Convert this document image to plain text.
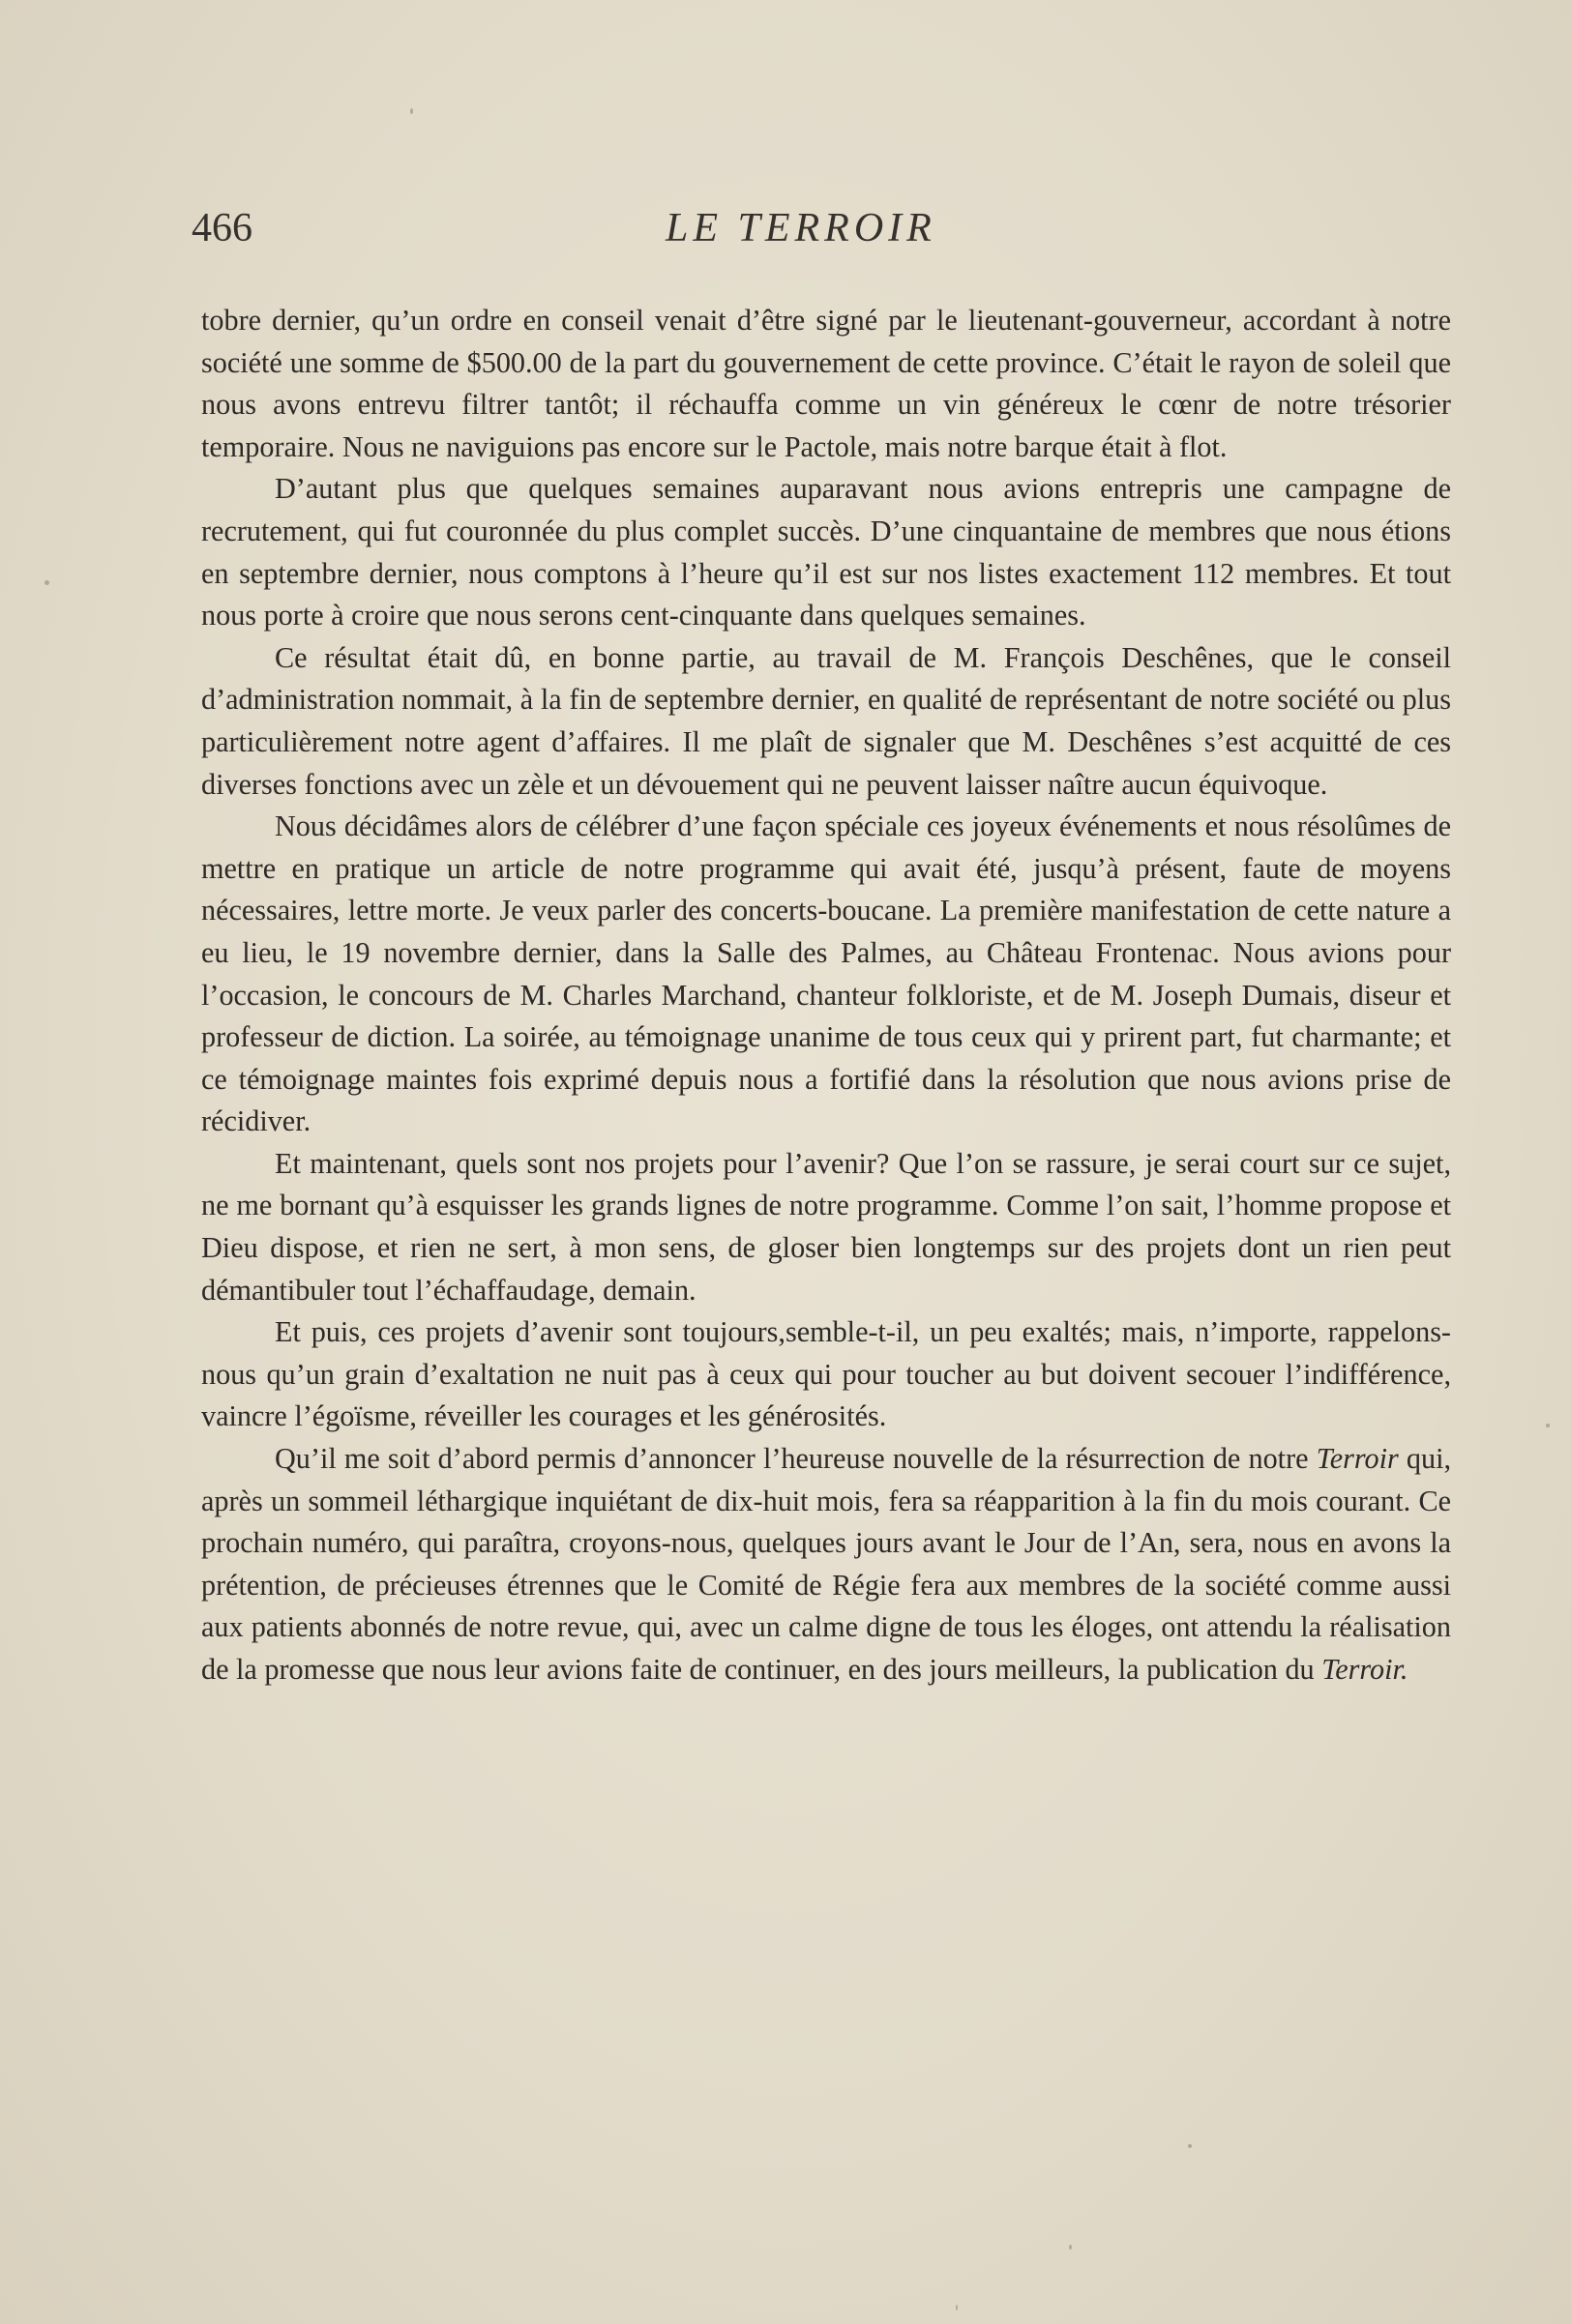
466	LE TERROIR

tobre dernier, qu’un ordre en conseil venait d’être signé par le lieutenant-gouverneur, accordant à notre société une somme de $500.00 de la part du gouvernement de cette province. C’était le rayon de soleil que nous avons entrevu filtrer tantôt; il réchauffa comme un vin généreux le cœnr de notre trésorier temporaire. Nous ne naviguions pas encore sur le Pactole, mais notre barque était à flot.

D’autant plus que quelques semaines auparavant nous avions entrepris une campagne de recrutement, qui fut couronnée du plus complet succès. D’une cinquantaine de membres que nous étions en septembre dernier, nous comptons à l’heure qu’il est sur nos listes exactement 112 membres. Et tout nous porte à croire que nous serons cent-cinquante dans quelques semaines.

Ce résultat était dû, en bonne partie, au travail de M. François Deschênes, que le conseil d’administration nommait, à la fin de septembre dernier, en qualité de représentant de notre société ou plus particulièrement notre agent d’affaires. Il me plaît de signaler que M. Deschênes s’est acquitté de ces diverses fonctions avec un zèle et un dévouement qui ne peuvent laisser naître aucun équivoque.

Nous décidâmes alors de célébrer d’une façon spéciale ces joyeux événements et nous résolûmes de mettre en pratique un article de notre programme qui avait été, jusqu’à présent, faute de moyens nécessaires, lettre morte. Je veux parler des concerts-boucane. La première manifestation de cette nature a eu lieu, le 19 novembre dernier, dans la Salle des Palmes, au Château Frontenac. Nous avions pour l’occasion, le concours de M. Charles Marchand, chanteur folkloriste, et de M. Joseph Dumais, diseur et professeur de diction. La soirée, au témoignage unanime de tous ceux qui y prirent part, fut charmante; et ce témoignage maintes fois exprimé depuis nous a fortifié dans la résolution que nous avions prise de récidiver.

Et maintenant, quels sont nos projets pour l’avenir? Que l’on se rassure, je serai court sur ce sujet, ne me bornant qu’à esquisser les grands lignes de notre programme. Comme l’on sait, l’homme propose et Dieu dispose, et rien ne sert, à mon sens, de gloser bien longtemps sur des projets dont un rien peut démantibuler tout l’échaffaudage, demain.

Et puis, ces projets d’avenir sont toujours,semble-t-il, un peu exaltés; mais, n’importe, rappelons-nous qu’un grain d’exaltation ne nuit pas à ceux qui pour toucher au but doivent secouer l’indifférence, vaincre l’égoïsme, réveiller les courages et les générosités.

Qu’il me soit d’abord permis d’annoncer l’heureuse nouvelle de la résurrection de notre Terroir qui, après un sommeil léthargique inquiétant de dix-huit mois, fera sa réapparition à la fin du mois courant. Ce prochain numéro, qui paraîtra, croyons-nous, quelques jours avant le Jour de l’An, sera, nous en avons la prétention, de précieuses étrennes que le Comité de Régie fera aux membres de la société comme aussi aux patients abonnés de notre revue, qui, avec un calme digne de tous les éloges, ont attendu la réalisation de la promesse que nous leur avions faite de continuer, en des jours meilleurs, la publication du Terroir.
